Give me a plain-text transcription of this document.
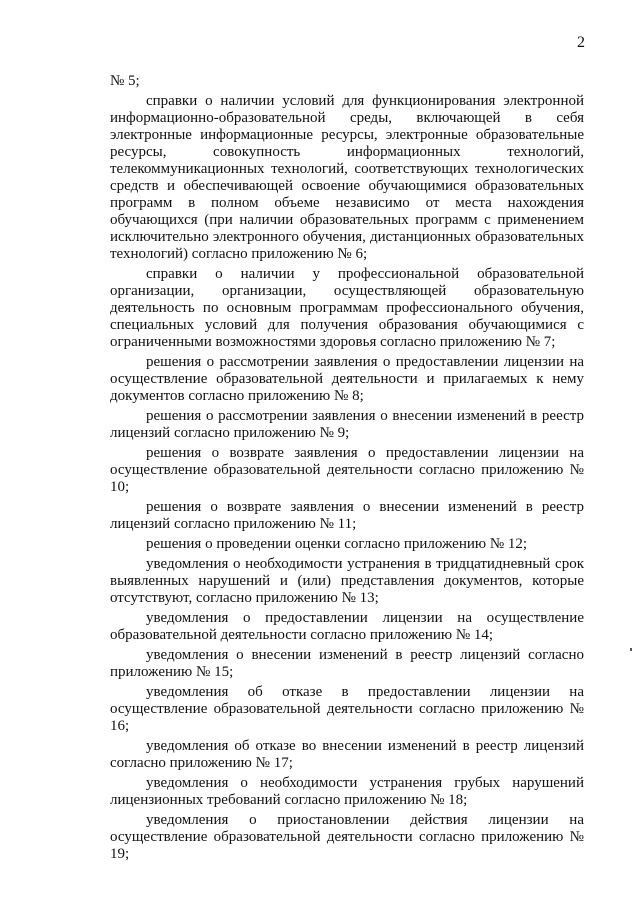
2

№ 5;

справки о наличии условий для функционирования электронной информационно-образовательной среды, включающей в себя электронные информационные ресурсы, электронные образовательные ресурсы, совокупность информационных технологий, телекоммуникационных технологий, соответствующих технологических средств и обеспечивающей освоение обучающимися образовательных программ в полном объеме независимо от места нахождения обучающихся (при наличии образовательных программ с применением исключительно электронного обучения, дистанционных образовательных технологий) согласно приложению № 6;

справки о наличии у профессиональной образовательной организации, организации, осуществляющей образовательную деятельность по основным программам профессионального обучения, специальных условий для получения образования обучающимися с ограниченными возможностями здоровья согласно приложению № 7;

решения о рассмотрении заявления о предоставлении лицензии на осуществление образовательной деятельности и прилагаемых к нему документов согласно приложению № 8;

решения о рассмотрении заявления о внесении изменений в реестр лицензий согласно приложению № 9;

решения о возврате заявления о предоставлении лицензии на осуществление образовательной деятельности согласно приложению № 10;

решения о возврате заявления о внесении изменений в реестр лицензий согласно приложению № 11;

решения о проведении оценки согласно приложению № 12;

уведомления о необходимости устранения в тридцатидневный срок выявленных нарушений и (или) представления документов, которые отсутствуют, согласно приложению № 13;

уведомления о предоставлении лицензии на осуществление образовательной деятельности согласно приложению № 14;

уведомления о внесении изменений в реестр лицензий согласно приложению № 15;

уведомления об отказе в предоставлении лицензии на осуществление образовательной деятельности согласно приложению № 16;

уведомления об отказе во внесении изменений в реестр лицензий согласно приложению № 17;

уведомления о необходимости устранения грубых нарушений лицензионных требований согласно приложению № 18;

уведомления о приостановлении действия лицензии на осуществление образовательной деятельности согласно приложению № 19;
